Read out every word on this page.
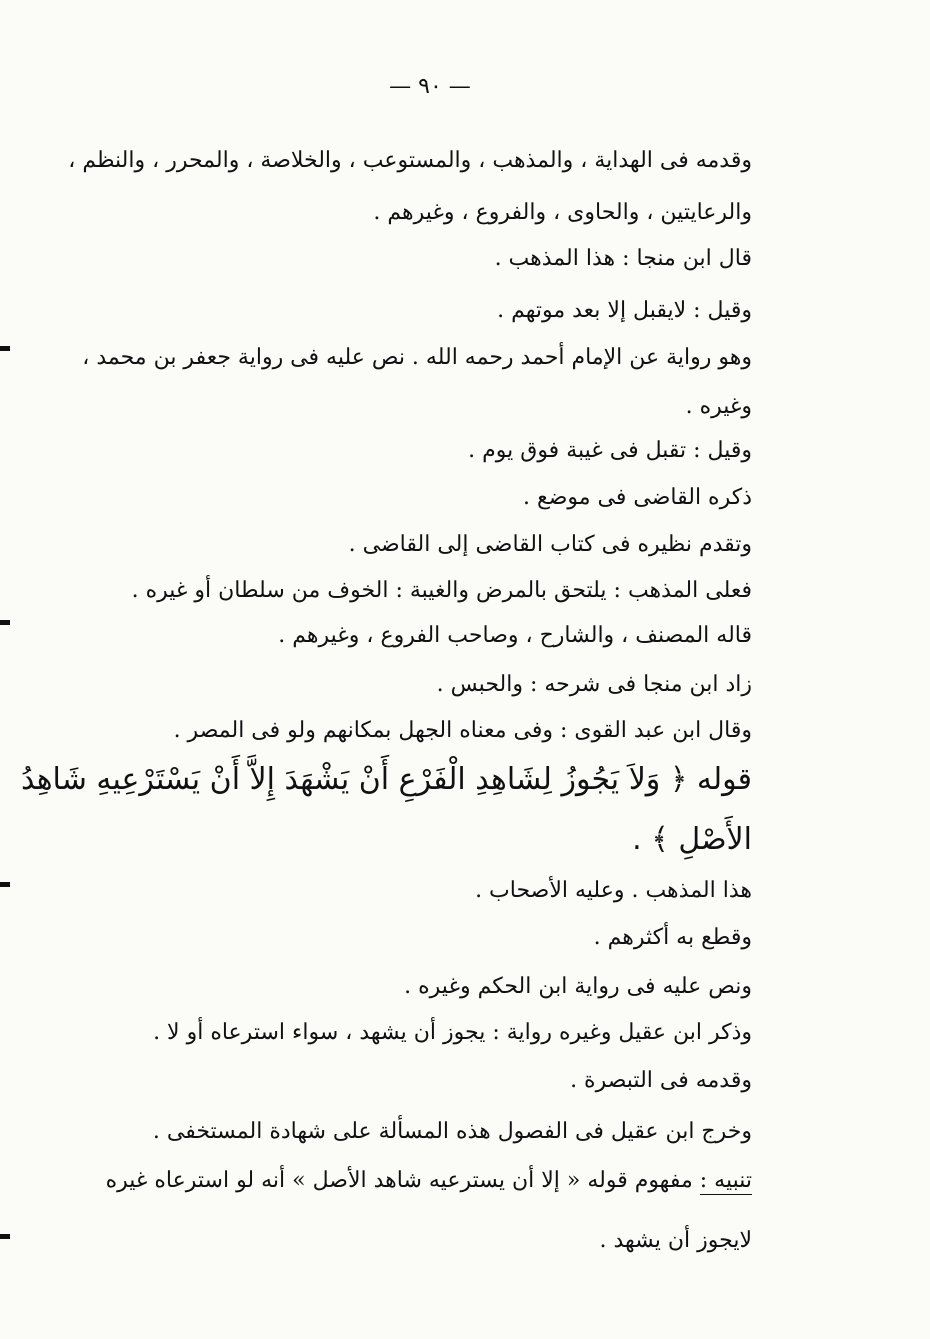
— ٩٠ —
وقدمه فى الهداية ، والمذهب ، والمستوعب ، والخلاصة ، والمحرر ، والنظم ،
والرعايتين ، والحاوى ، والفروع ، وغيرهم .
قال ابن منجا : هذا المذهب .
وقيل : لايقبل إلا بعد موتهم .
وهو رواية عن الإمام أحمد رحمه الله . نص عليه فى رواية جعفر بن محمد ،
وغيره .
وقيل : تقبل فى غيبة فوق يوم .
ذكره القاضى فى موضع .
وتقدم نظيره فى كتاب القاضى إلى القاضى .
فعلى المذهب : يلتحق بالمرض والغيبة : الخوف من سلطان أو غيره .
قاله المصنف ، والشارح ، وصاحب الفروع ، وغيرهم .
زاد ابن منجا فى شرحه : والحبس .
وقال ابن عبد القوى : وفى معناه الجهل بمكانهم ولو فى المصر .
قوله ﴿ وَلاَ يَجُوزُ لِشَاهِدِ الْفَرْعِ أَنْ يَشْهَدَ إِلاَّ أَنْ يَسْتَرْعِيهِ شَاهِدُ
الأَصْلِ ﴾ .
هذا المذهب . وعليه الأصحاب .
وقطع به أكثرهم .
ونص عليه فى رواية ابن الحكم وغيره .
وذكر ابن عقيل وغيره رواية : يجوز أن يشهد ، سواء استرعاه أو لا .
وقدمه فى التبصرة .
وخرج ابن عقيل فى الفصول هذه المسألة على شهادة المستخفى .
تنبيه : مفهوم قوله « إلا أن يسترعيه شاهد الأصل » أنه لو استرعاه غيره
لايجوز أن يشهد .
